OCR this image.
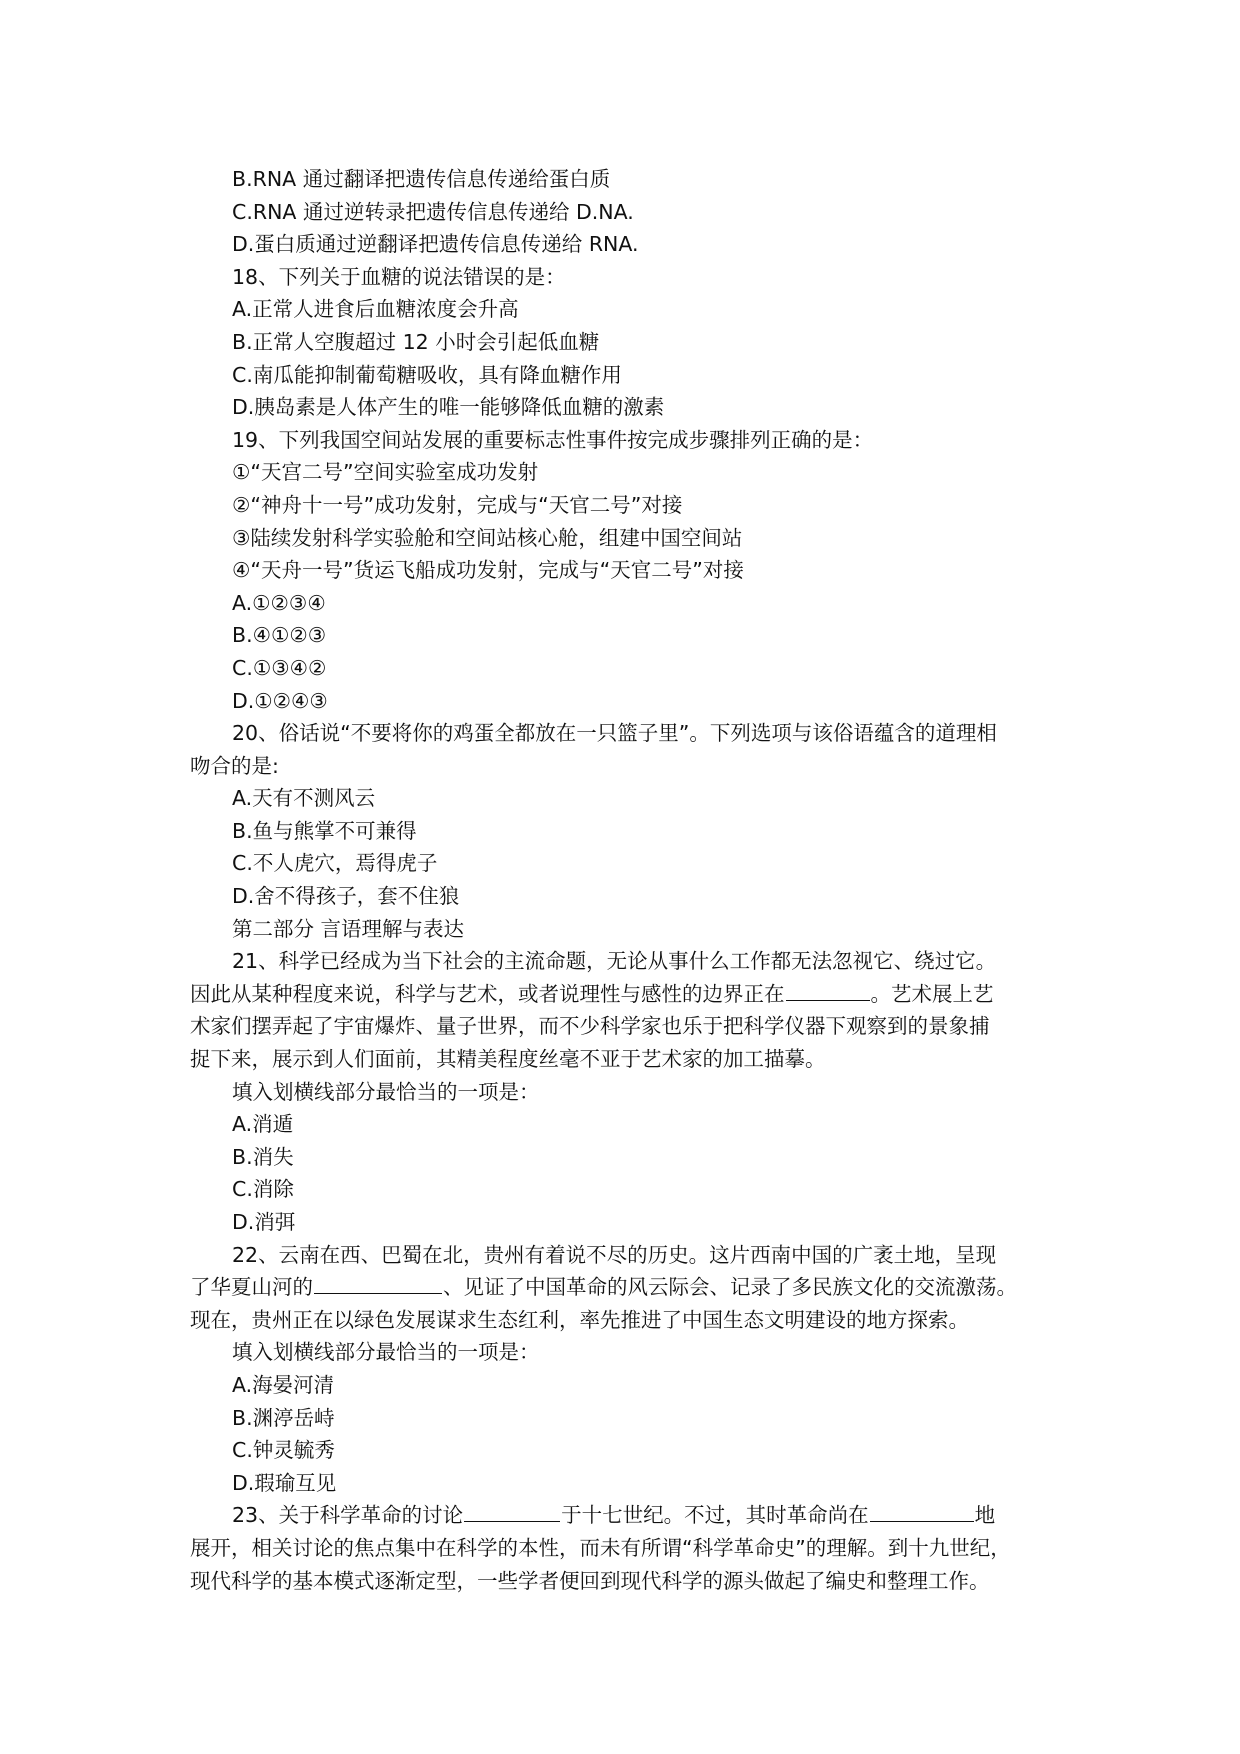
B.RNA 通过翻译把遗传信息传递给蛋白质
C.RNA 通过逆转录把遗传信息传递给 D.NA.
D.蛋白质通过逆翻译把遗传信息传递给 RNA.
18、下列关于血糖的说法错误的是：
A.正常人进食后血糖浓度会升高
B.正常人空腹超过 12 小时会引起低血糖
C.南瓜能抑制葡萄糖吸收，具有降血糖作用
D.胰岛素是人体产生的唯一能够降低血糖的激素
19、下列我国空间站发展的重要标志性事件按完成步骤排列正确的是：
①“天宫二号”空间实验室成功发射
②“神舟十一号”成功发射，完成与“天官二号”对接
③陆续发射科学实验舱和空间站核心舱，组建中国空间站
④“天舟一号”货运飞船成功发射，完成与“天官二号”对接
A.①②③④
B.④①②③
C.①③④②
D.①②④③
20、俗话说“不要将你的鸡蛋全都放在一只篮子里”。下列选项与该俗语蕴含的道理相
吻合的是:
A.天有不测风云
B.鱼与熊掌不可兼得
C.不人虎穴，焉得虎子
D.舍不得孩子，套不住狼
第二部分 言语理解与表达
21、科学已经成为当下社会的主流命题，无论从事什么工作都无法忽视它、绕过它。
因此从某种程度来说，科学与艺术，或者说理性与感性的边界正在	。艺术展上艺
术家们摆弄起了宇宙爆炸、量子世界，而不少科学家也乐于把科学仪器下观察到的景象捕
捉下来，展示到人们面前，其精美程度丝毫不亚于艺术家的加工描摹。
填入划横线部分最恰当的一项是：
A.消遁
B.消失
C.消除
D.消弭
22、云南在西、巴蜀在北，贵州有着说不尽的历史。这片西南中国的广袤土地，呈现
了华夏山河的	、见证了中国革命的风云际会、记录了多民族文化的交流激荡。
现在，贵州正在以绿色发展谋求生态红利，率先推进了中国生态文明建设的地方探索。
填入划横线部分最恰当的一项是：
A.海晏河清
B.渊渟岳峙
C.钟灵毓秀
D.瑕瑜互见
23、关于科学革命的讨论	于十七世纪。不过，其时革命尚在	地
展开，相关讨论的焦点集中在科学的本性，而未有所谓“科学革命史”的理解。到十九世纪，
现代科学的基本模式逐渐定型，一些学者便回到现代科学的源头做起了编史和整理工作。
